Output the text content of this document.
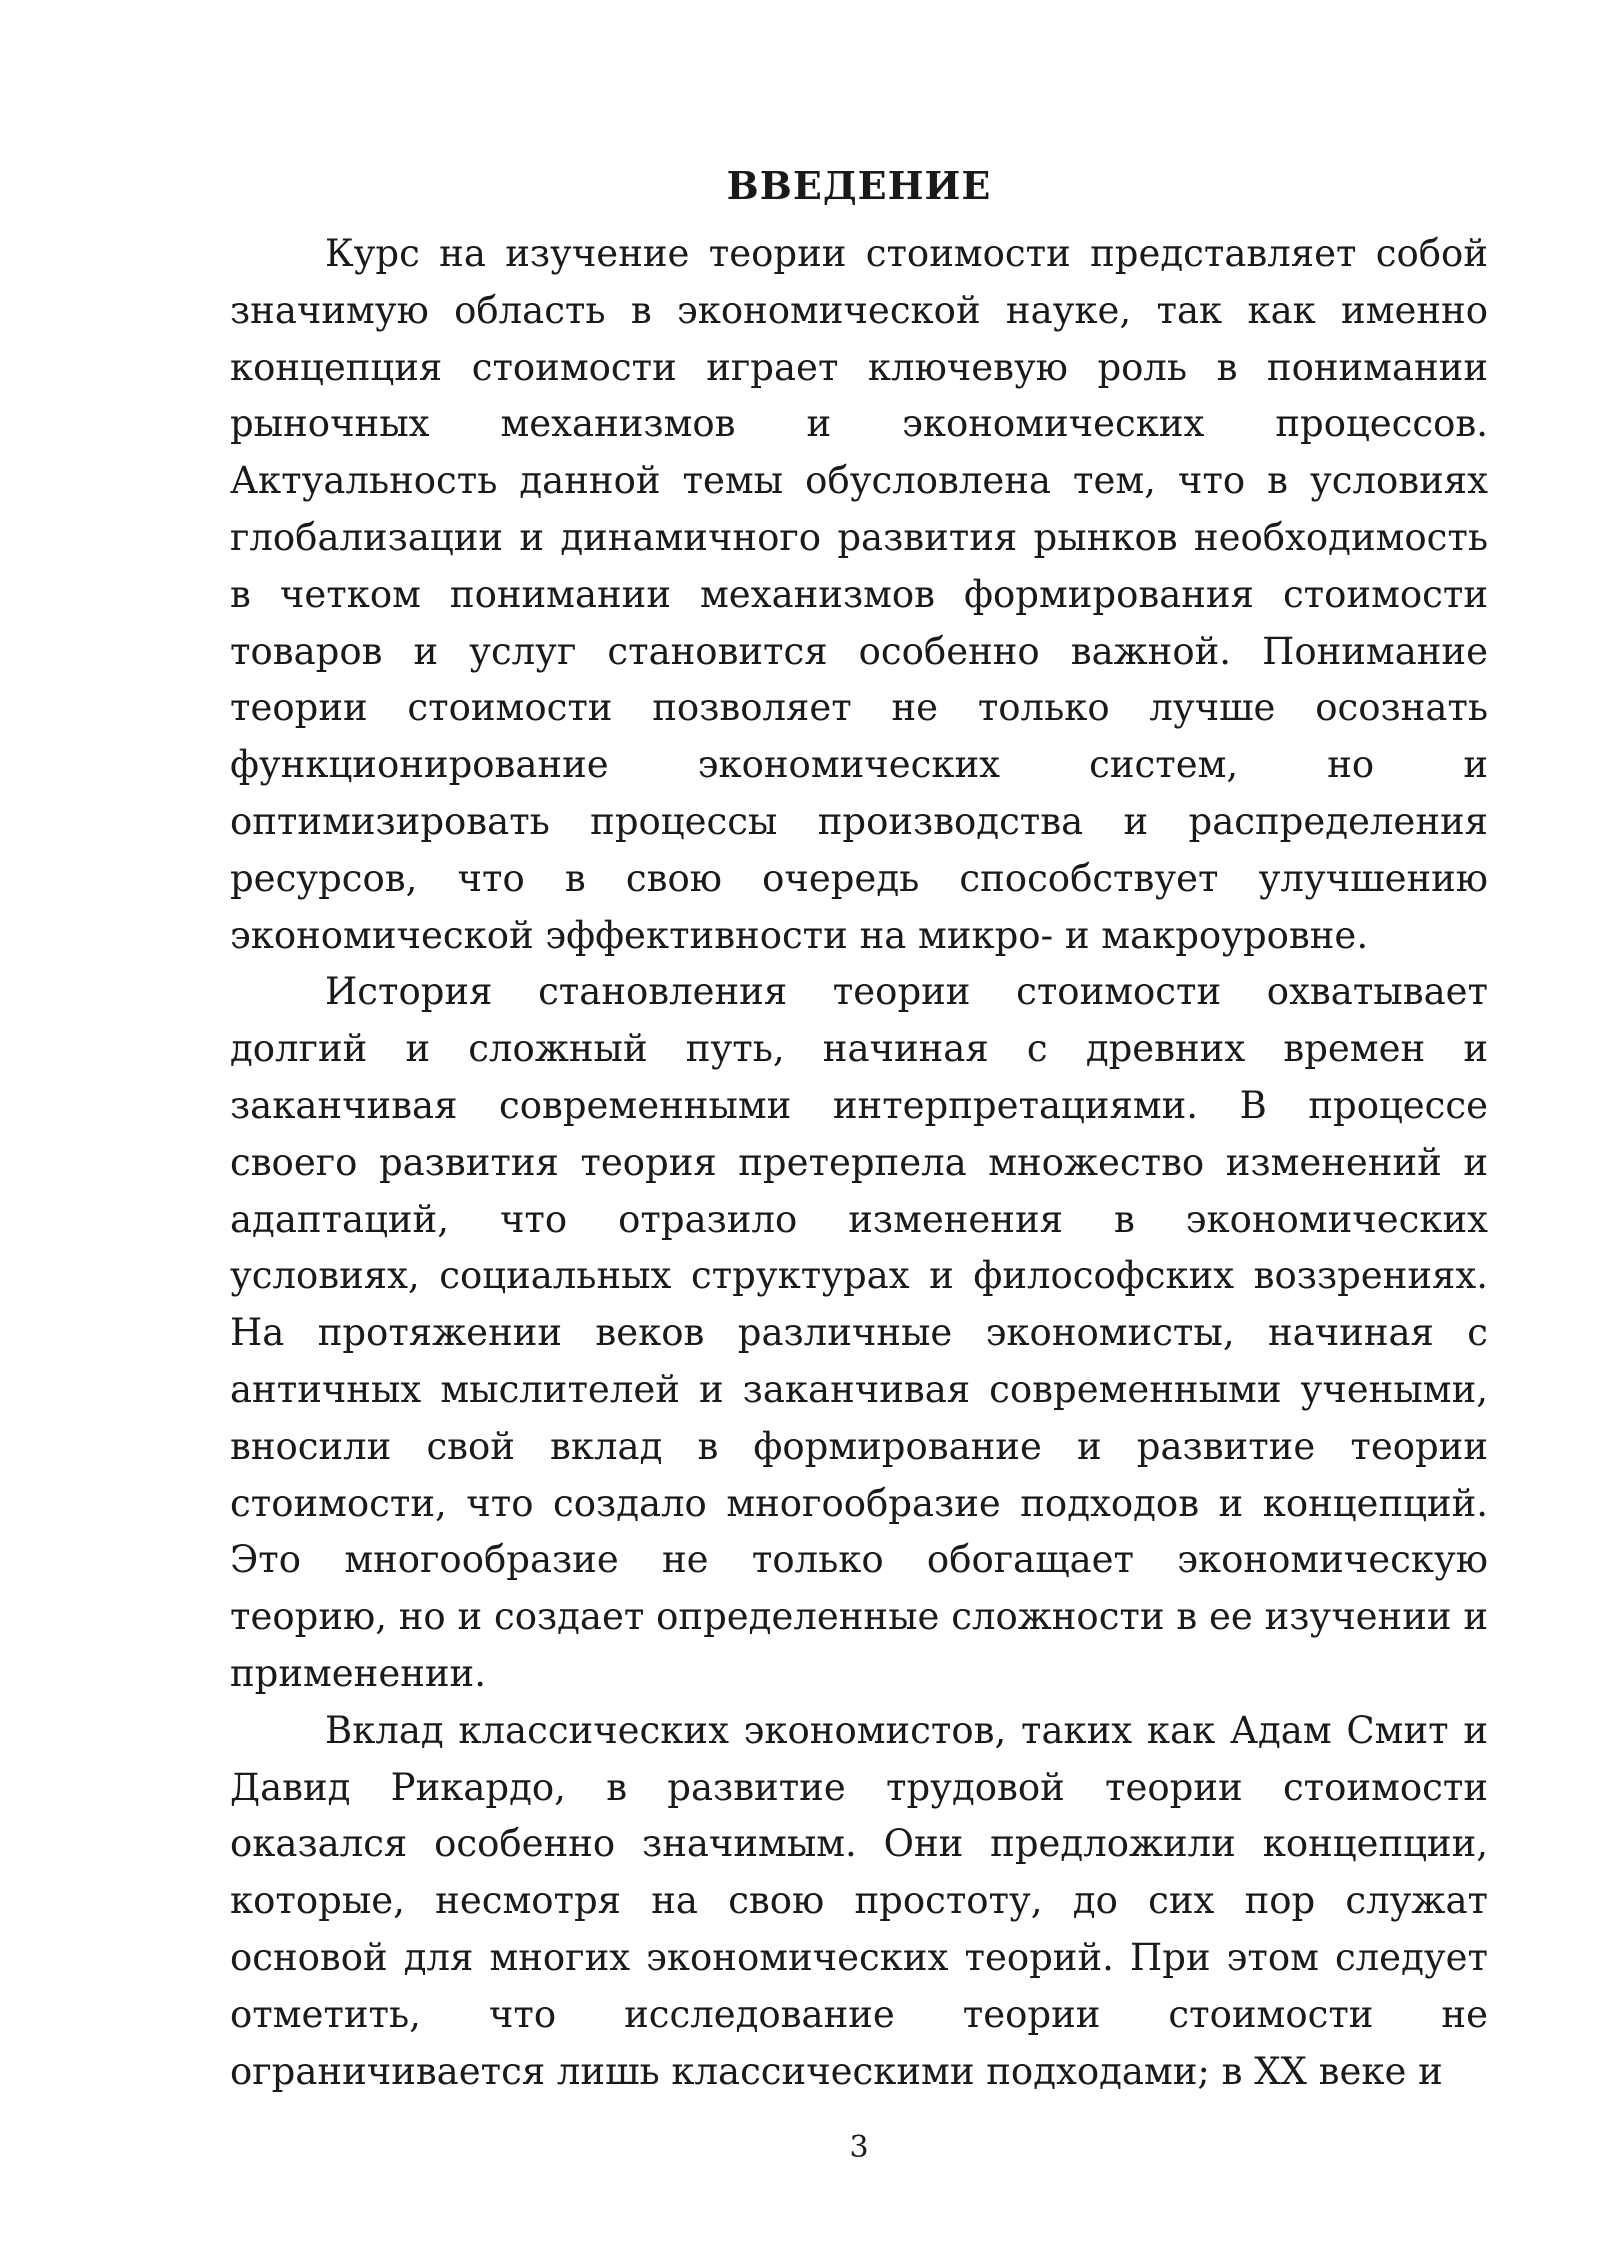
ВВЕДЕНИЕ

Курс на изучение теории стоимости представляет собой значимую область в экономической науке, так как именно концепция стоимости играет ключевую роль в понимании рыночных механизмов и экономических процессов. Актуальность данной темы обусловлена тем, что в условиях глобализации и динамичного развития рынков необходимость в четком понимании механизмов формирования стоимости товаров и услуг становится особенно важной. Понимание теории стоимости позволяет не только лучше осознать функционирование экономических систем, но и оптимизировать процессы производства и распределения ресурсов, что в свою очередь способствует улучшению экономической эффективности на микро- и макроуровне.

История становления теории стоимости охватывает долгий и сложный путь, начиная с древних времен и заканчивая современными интерпретациями. В процессе своего развития теория претерпела множество изменений и адаптаций, что отразило изменения в экономических условиях, социальных структурах и философских воззрениях. На протяжении веков различные экономисты, начиная с античных мыслителей и заканчивая современными учеными, вносили свой вклад в формирование и развитие теории стоимости, что создало многообразие подходов и концепций. Это многообразие не только обогащает экономическую теорию, но и создает определенные сложности в ее изучении и применении.

Вклад классических экономистов, таких как Адам Смит и Давид Рикардо, в развитие трудовой теории стоимости оказался особенно значимым. Они предложили концепции, которые, несмотря на свою простоту, до сих пор служат основой для многих экономических теорий. При этом следует отметить, что исследование теории стоимости не ограничивается лишь классическими подходами; в XX веке и

3
